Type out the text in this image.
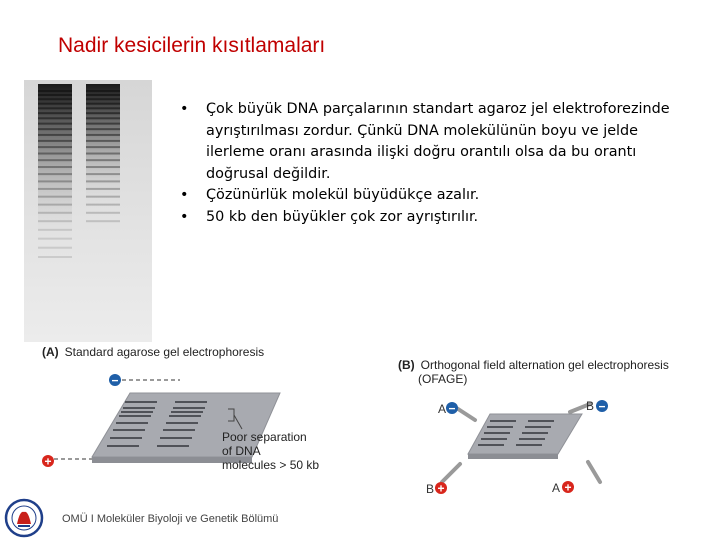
Nadir kesicilerin kısıtlamaları
• Çok büyük DNA parçalarının standart agaroz jel elektroforezinde ayrıştırılması zordur. Çünkü DNA molekülünün boyu ve jelde ilerleme oranı arasında ilişki doğru orantılı olsa da bu orantı doğrusal değildir.
• Çözünürlük molekül büyüdükçe azalır.
• 50 kb den büyükler çok zor ayrıştırılır.
(A) Standard agarose gel electrophoresis
−
+
Poor separation
of DNA
molecules > 50 kb
(B) Orthogonal field alternation gel electrophoresis
(OFAGE)
A −	B −
B +	A +
OMÜ I Moleküler Biyoloji ve Genetik Bölümü
